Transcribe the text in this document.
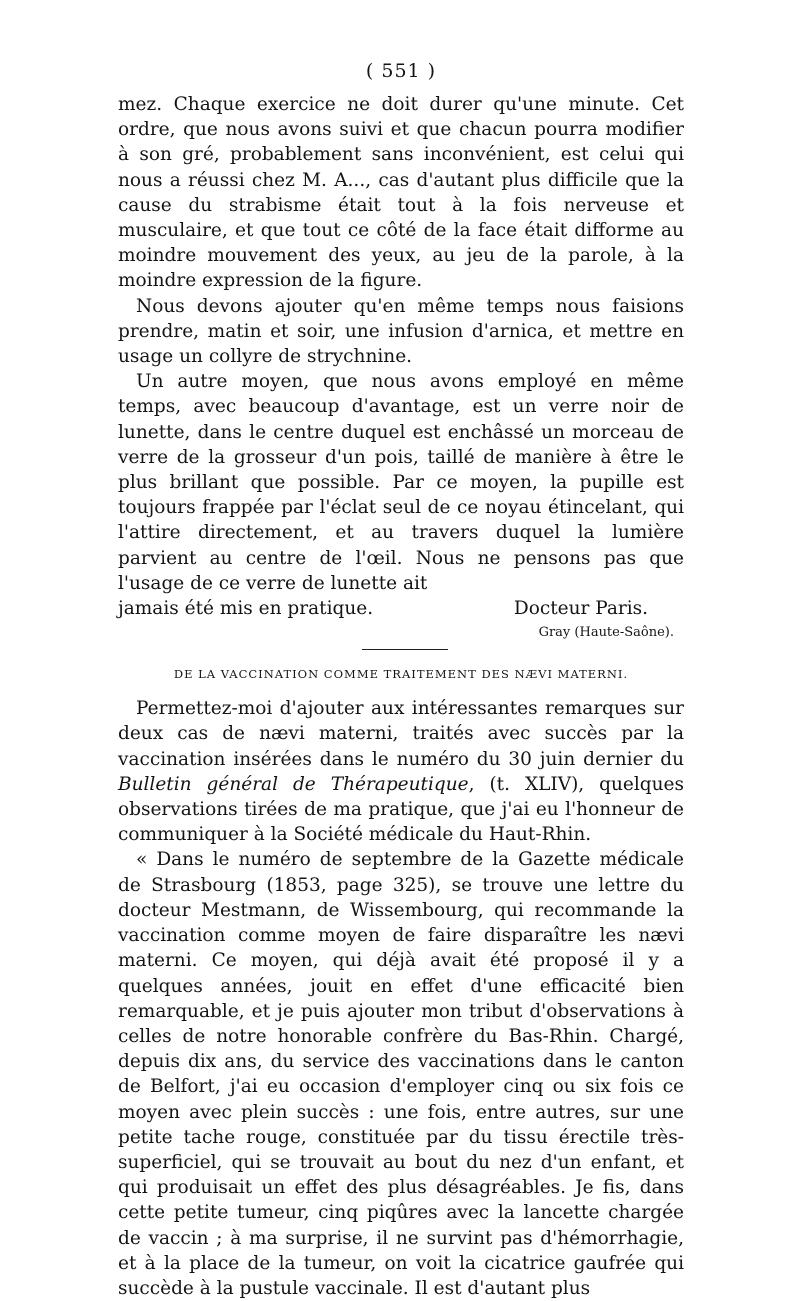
( 551 )

mez. Chaque exercice ne doit durer qu'une minute. Cet ordre, que nous avons suivi et que chacun pourra modifier à son gré, probablement sans inconvénient, est celui qui nous a réussi chez M. A..., cas d'autant plus difficile que la cause du strabisme était tout à la fois nerveuse et musculaire, et que tout ce côté de la face était difforme au moindre mouvement des yeux, au jeu de la parole, à la moindre expression de la figure.

Nous devons ajouter qu'en même temps nous faisions prendre, matin et soir, une infusion d'arnica, et mettre en usage un collyre de strychnine.

Un autre moyen, que nous avons employé en même temps, avec beaucoup d'avantage, est un verre noir de lunette, dans le centre duquel est enchâssé un morceau de verre de la grosseur d'un pois, taillé de manière à être le plus brillant que possible. Par ce moyen, la pupille est toujours frappée par l'éclat seul de ce noyau étincelant, qui l'attire directement, et au travers duquel la lumière parvient au centre de l'œil. Nous ne pensons pas que l'usage de ce verre de lunette ait

jamais été mis en pratique.	Docteur Paris.
Gray (Haute-Saône).
DE LA VACCINATION COMME TRAITEMENT DES NÆVI MATERNI.

Permettez-moi d'ajouter aux intéressantes remarques sur deux cas de nævi materni, traités avec succès par la vaccination insérées dans le numéro du 30 juin dernier du Bulletin général de Thérapeutique, (t. XLIV), quelques observations tirées de ma pratique, que j'ai eu l'honneur de communiquer à la Société médicale du Haut-Rhin.

« Dans le numéro de septembre de la Gazette médicale de Strasbourg (1853, page 325), se trouve une lettre du docteur Mestmann, de Wissembourg, qui recommande la vaccination comme moyen de faire disparaître les nævi materni. Ce moyen, qui déjà avait été proposé il y a quelques années, jouit en effet d'une efficacité bien remarquable, et je puis ajouter mon tribut d'observations à celles de notre honorable confrère du Bas-Rhin. Chargé, depuis dix ans, du service des vaccinations dans le canton de Belfort, j'ai eu occasion d'employer cinq ou six fois ce moyen avec plein succès : une fois, entre autres, sur une petite tache rouge, constituée par du tissu érectile très-superficiel, qui se trouvait au bout du nez d'un enfant, et qui produisait un effet des plus désagréables. Je fis, dans cette petite tumeur, cinq piqûres avec la lancette chargée de vaccin ; à ma surprise, il ne survint pas d'hémorrhagie, et à la place de la tumeur, on voit la cicatrice gaufrée qui succède à la pustule vaccinale. Il est d'autant plus
